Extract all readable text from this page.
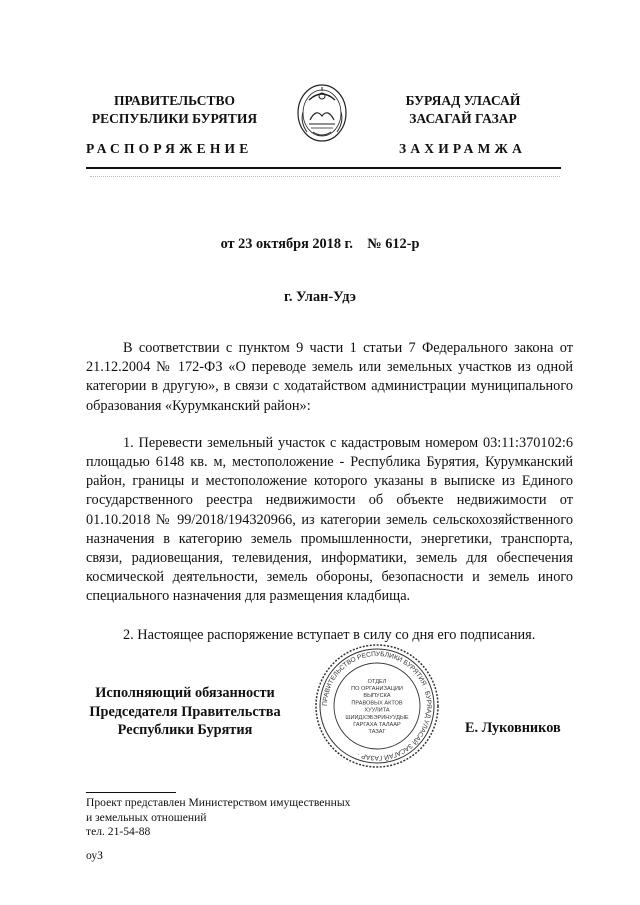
ПРАВИТЕЛЬСТВО
РЕСПУБЛИКИ БУРЯТИЯ
БУРЯАД УЛАСАЙ
ЗАСАГАЙ ГАЗАР
РАСПОРЯЖЕНИЕ	ЗАХИРАМЖА
от 23 октября 2018 г.    № 612-р
г. Улан-Удэ

В соответствии с пунктом 9 части 1 статьи 7 Федерального закона от 21.12.2004 № 172-ФЗ «О переводе земель или земельных участков из одной категории в другую», в связи с ходатайством администрации муниципального образования «Курумканский район»:

1. Перевести земельный участок с кадастровым номером 03:11:370102:6 площадью 6148 кв. м, местоположение - Республика Бурятия, Курумканский район, границы и местоположение которого указаны в выписке из Единого государственного реестра недвижимости об объекте недвижимости от 01.10.2018 № 99/2018/194320966, из категории земель сельскохозяйственного назначения в категорию земель промышленности, энергетики, транспорта, связи, радиовещания, телевидения, информатики, земель для обеспечения космической деятельности, земель обороны, безопасности и земель иного специального назначения для размещения кладбища.

2. Настоящее распоряжение вступает в силу со дня его подписания.

Исполняющий обязанности
Председателя Правительства
Республики Бурятия
ПРАВИТЕЛЬСТВО РЕСПУБЛИКИ БУРЯТИЯ · БУРЯАД УЛАСАЙ ЗАСАГАЙ ГАЗАР ·
ОТДЕЛ
ПО ОРГАНИЗАЦИИ
ВЫПУСКА
ПРАВОВЫХ АКТОВ
ХУУЛИТА
ШИИДХЭБЭРИНУУДЫЕ
ГАРГАХА ТАЛААР
ТАЗАГ	Е. Луковников
Проект представлен Министерством имущественных
и земельных отношений
тел. 21-54-88
оуЗ
